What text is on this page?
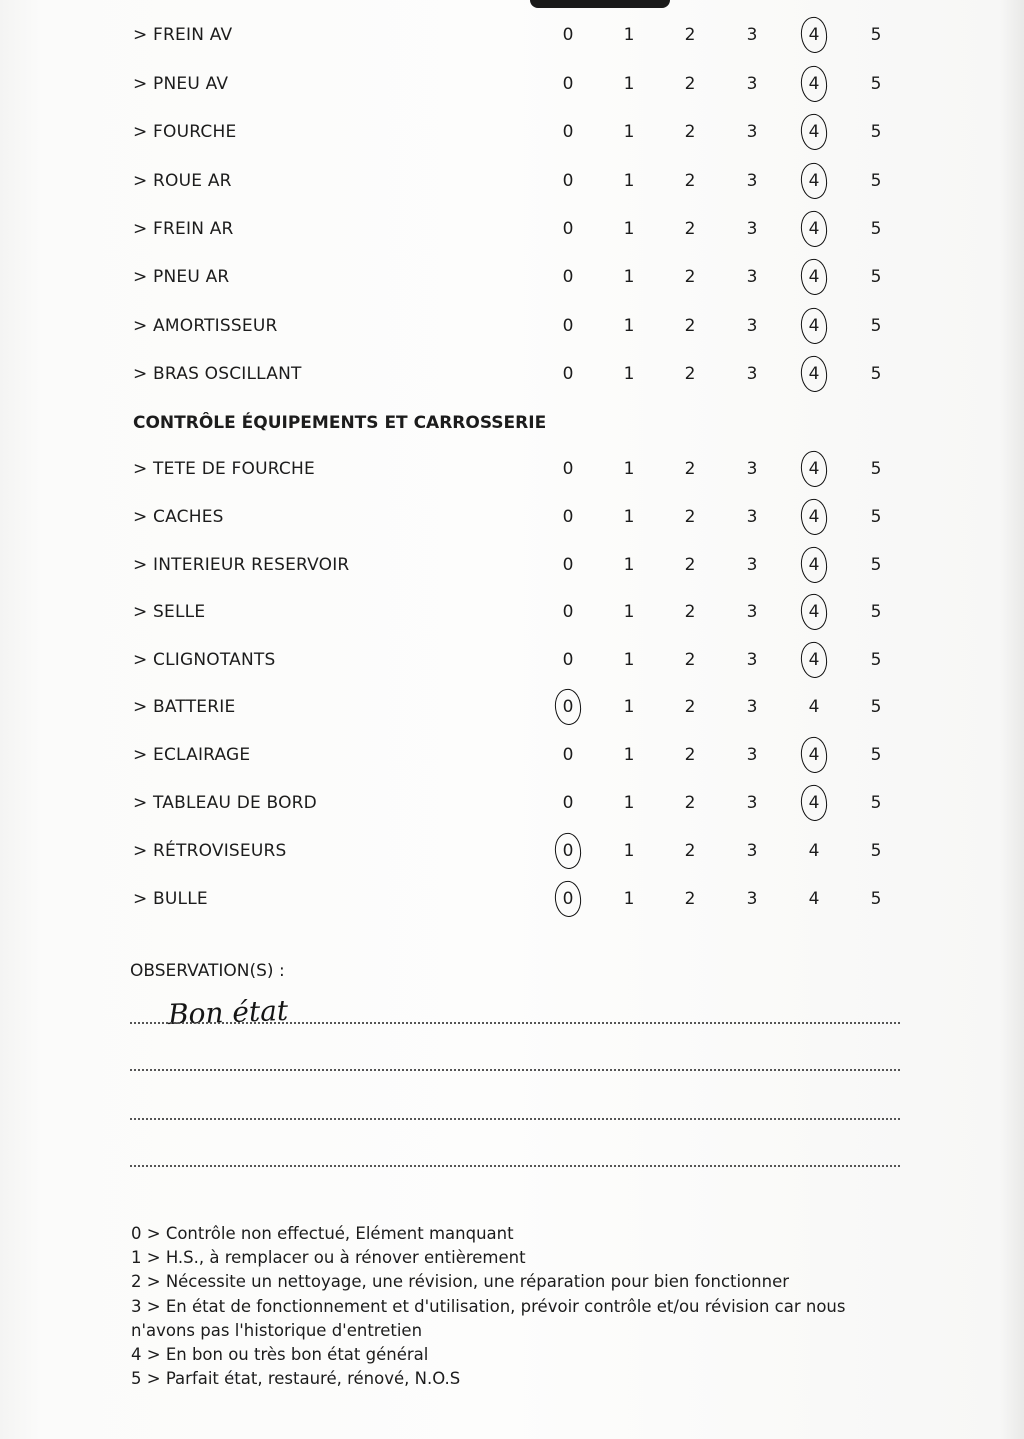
> FREIN AV	0	1	2	3	4	5
> PNEU AV	0	1	2	3	4	5
> FOURCHE	0	1	2	3	4	5
> ROUE AR	0	1	2	3	4	5
> FREIN AR	0	1	2	3	4	5
> PNEU AR	0	1	2	3	4	5
> AMORTISSEUR	0	1	2	3	4	5
> BRAS OSCILLANT	0	1	2	3	4	5
CONTRÔLE ÉQUIPEMENTS ET CARROSSERIE
> TETE DE FOURCHE	0	1	2	3	4	5
> CACHES	0	1	2	3	4	5
> INTERIEUR RESERVOIR	0	1	2	3	4	5
> SELLE	0	1	2	3	4	5
> CLIGNOTANTS	0	1	2	3	4	5
> BATTERIE	0	1	2	3	4	5
> ECLAIRAGE	0	1	2	3	4	5
> TABLEAU DE BORD	0	1	2	3	4	5
> RÉTROVISEURS	0	1	2	3	4	5
> BULLE	0	1	2	3	4	5
OBSERVATION(S) :
Bon état
0 > Contrôle non effectué, Elément manquant
1 > H.S., à remplacer ou à rénover entièrement
2 > Nécessite un nettoyage, une révision, une réparation pour bien fonctionner
3 > En état de fonctionnement et d'utilisation, prévoir contrôle et/ou révision car nous n'avons pas l'historique d'entretien
4 > En bon ou très bon état général
5 > Parfait état, restauré, rénové, N.O.S
